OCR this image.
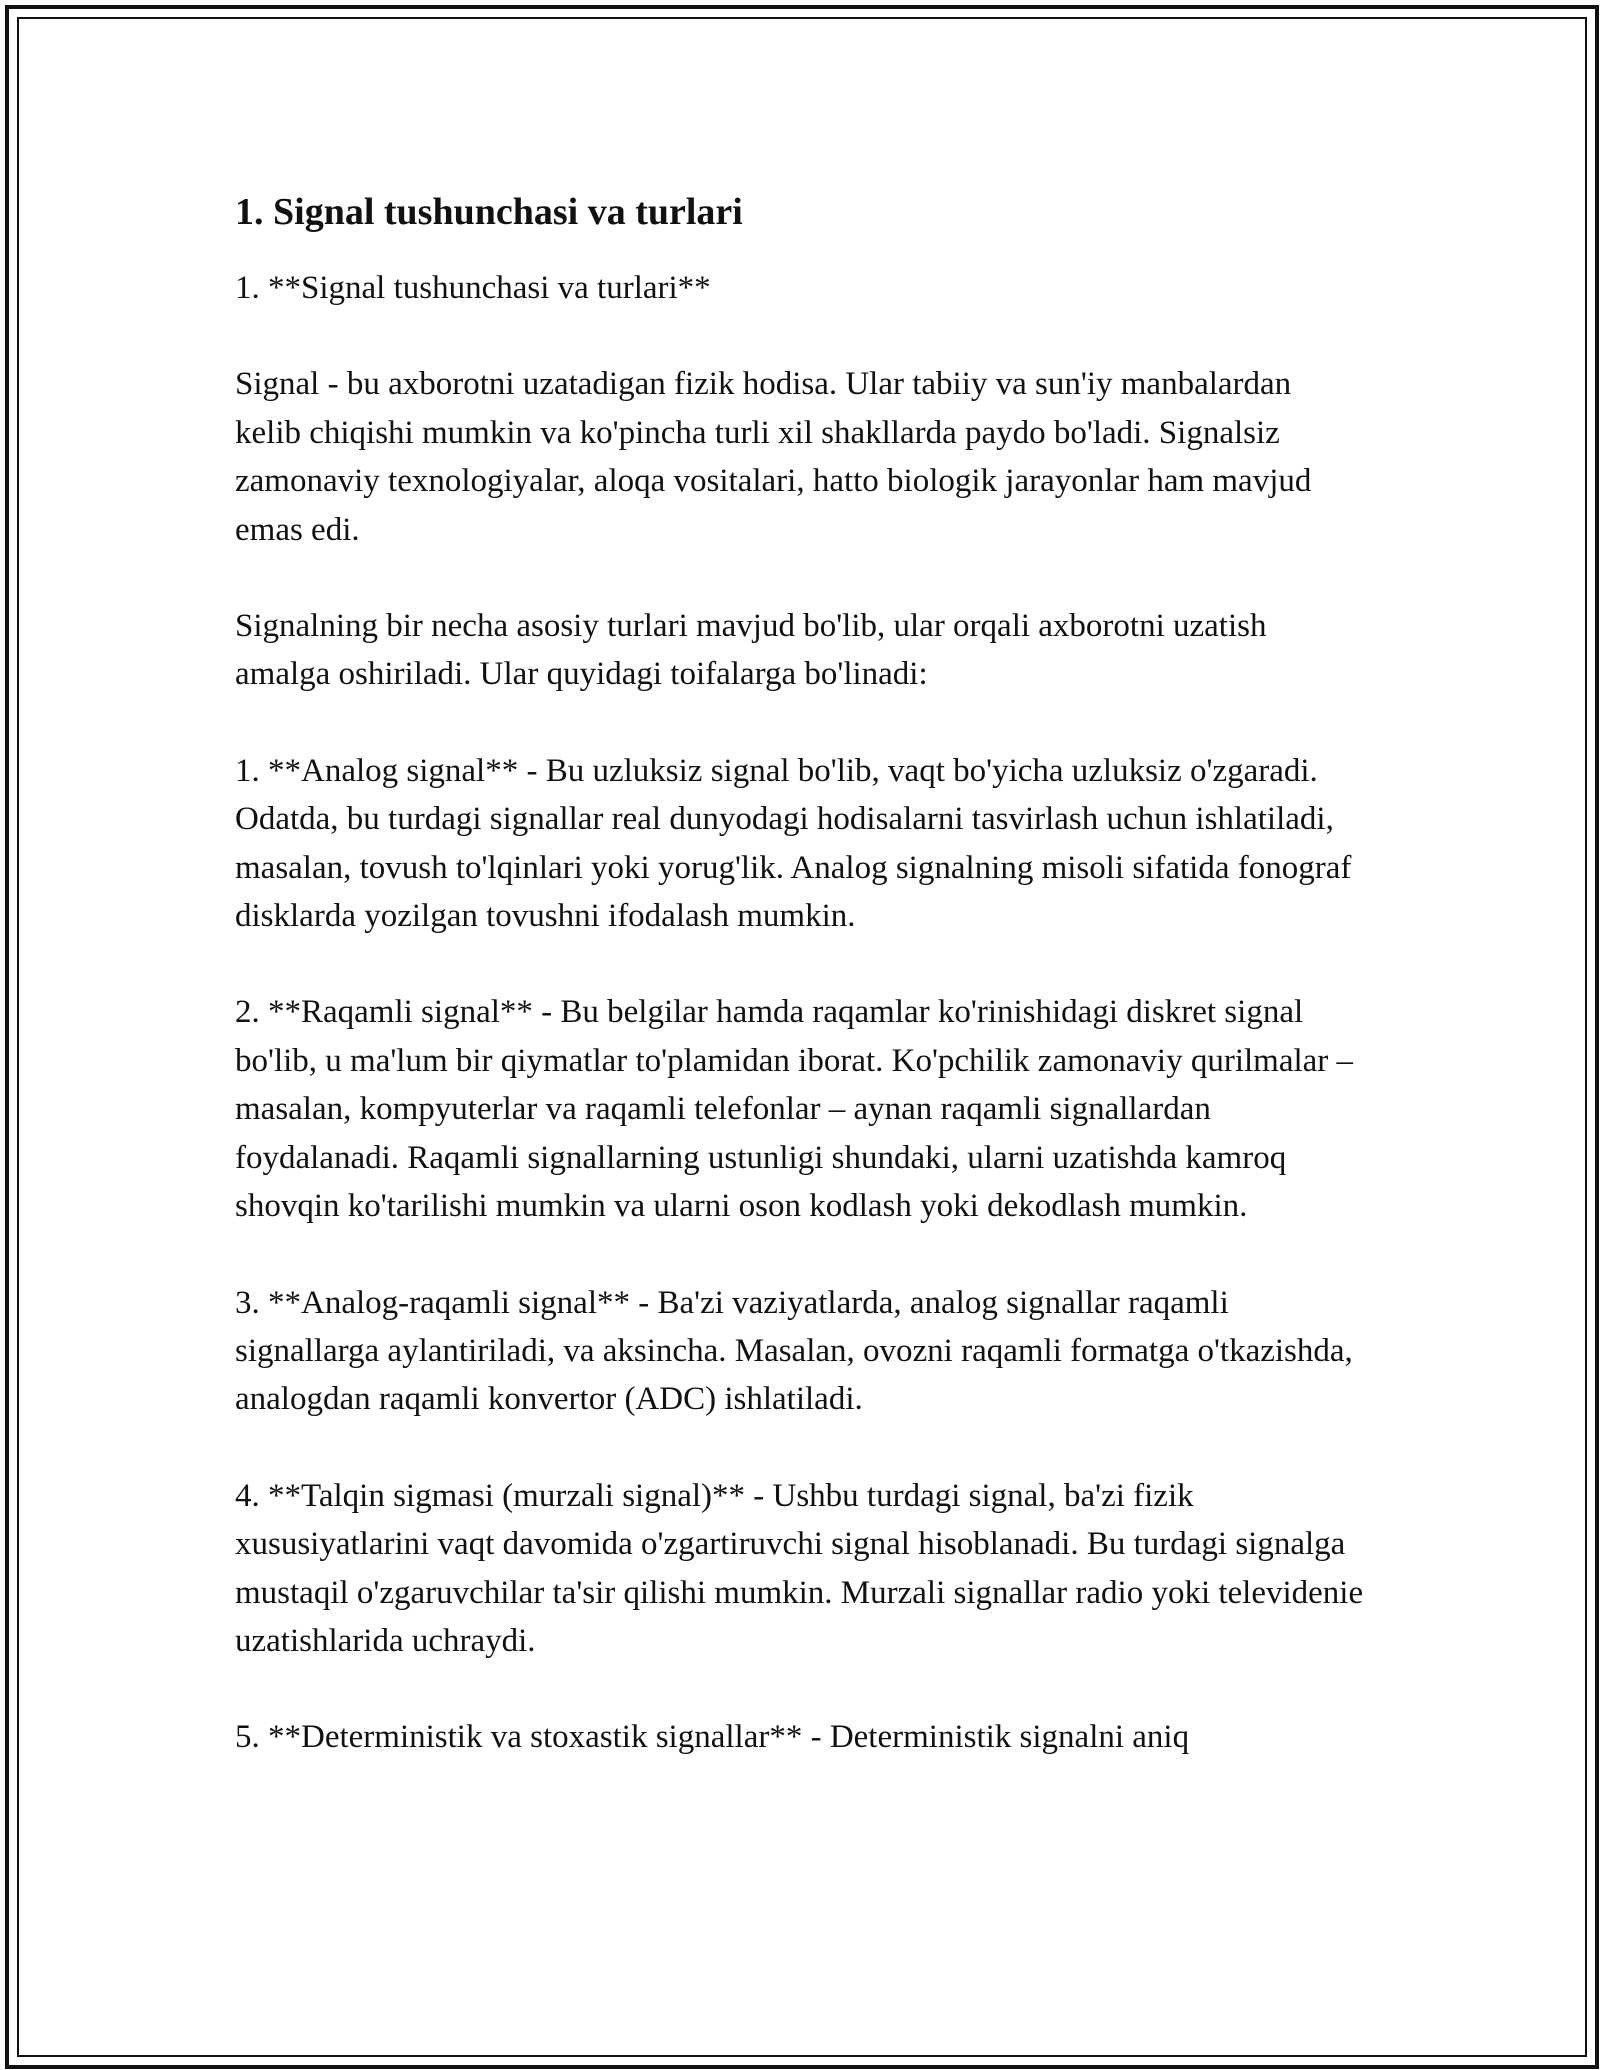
1. Signal tushunchasi va turlari

1. **Signal tushunchasi va turlari**

Signal - bu axborotni uzatadigan fizik hodisa. Ular tabiiy va sun'iy manbalardan kelib chiqishi mumkin va ko'pincha turli xil shakllarda paydo bo'ladi. Signalsiz zamonaviy texnologiyalar, aloqa vositalari, hatto biologik jarayonlar ham mavjud emas edi.

Signalning bir necha asosiy turlari mavjud bo'lib, ular orqali axborotni uzatish amalga oshiriladi. Ular quyidagi toifalarga bo'linadi:

1. **Analog signal** - Bu uzluksiz signal bo'lib, vaqt bo'yicha uzluksiz o'zgaradi. Odatda, bu turdagi signallar real dunyodagi hodisalarni tasvirlash uchun ishlatiladi, masalan, tovush to'lqinlari yoki yorug'lik. Analog signalning misoli sifatida fonograf disklarda yozilgan tovushni ifodalash mumkin.

2. **Raqamli signal** - Bu belgilar hamda raqamlar ko'rinishidagi diskret signal bo'lib, u ma'lum bir qiymatlar to'plamidan iborat. Ko'pchilik zamonaviy qurilmalar – masalan, kompyuterlar va raqamli telefonlar – aynan raqamli signallardan foydalanadi. Raqamli signallarning ustunligi shundaki, ularni uzatishda kamroq shovqin ko'tarilishi mumkin va ularni oson kodlash yoki dekodlash mumkin.

3. **Analog-raqamli signal** - Ba'zi vaziyatlarda, analog signallar raqamli signallarga aylantiriladi, va aksincha. Masalan, ovozni raqamli formatga o'tkazishda, analogdan raqamli konvertor (ADC) ishlatiladi.

4. **Talqin sigmasi (murzali signal)** - Ushbu turdagi signal, ba'zi fizik xususiyatlarini vaqt davomida o'zgartiruvchi signal hisoblanadi. Bu turdagi signalga mustaqil o'zgaruvchilar ta'sir qilishi mumkin. Murzali signallar radio yoki televidenie uzatishlarida uchraydi.

5. **Deterministik va stoxastik signallar** - Deterministik signalni aniq
